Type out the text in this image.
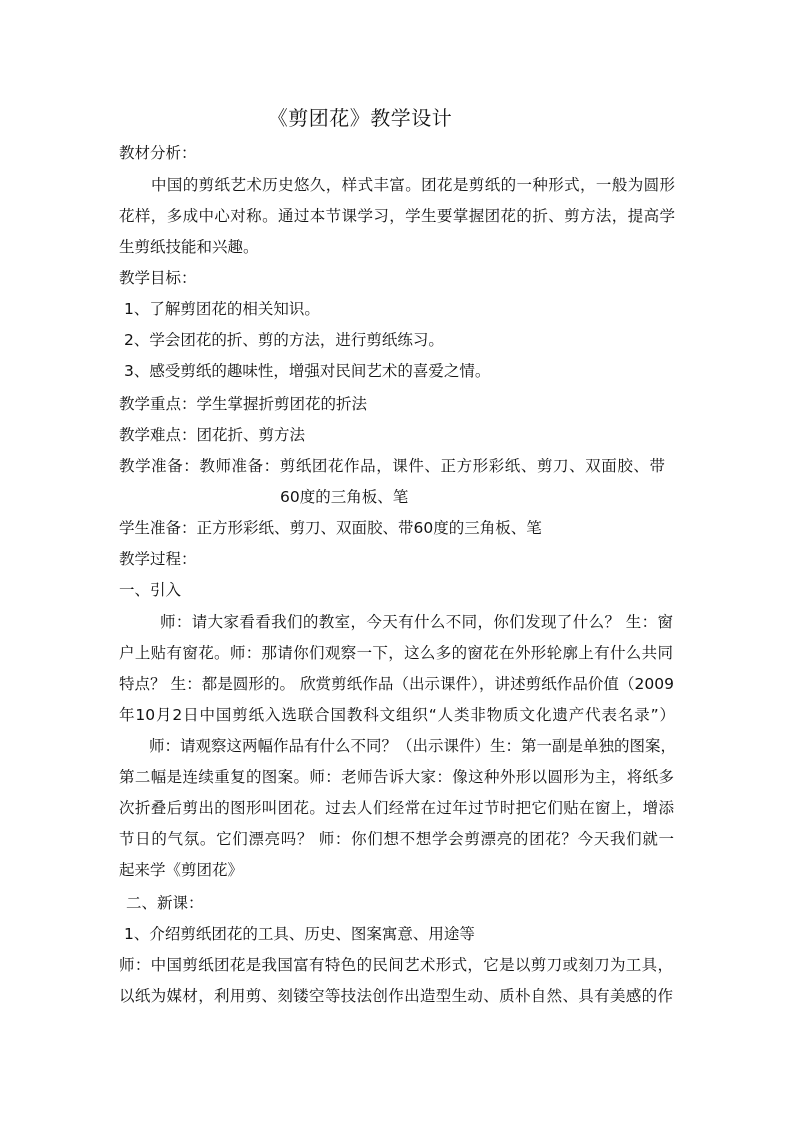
《剪团花》教学设计
教材分析：
中国的剪纸艺术历史悠久，样式丰富。团花是剪纸的一种形式，一般为圆形
花样，多成中心对称。通过本节课学习，学生要掌握团花的折、剪方法，提高学
生剪纸技能和兴趣。
教学目标：
1、了解剪团花的相关知识。
2、学会团花的折、剪的方法，进行剪纸练习。
3、感受剪纸的趣味性，增强对民间艺术的喜爱之情。
教学重点：学生掌握折剪团花的折法
教学难点：团花折、剪方法
教学准备：教师准备：剪纸团花作品，课件、正方形彩纸、剪刀、双面胶、带
60度的三角板、笔
学生准备：正方形彩纸、剪刀、双面胶、带60度的三角板、笔
教学过程：
一、引入
师：请大家看看我们的教室，今天有什么不同，你们发现了什么？ 生：窗
户上贴有窗花。师：那请你们观察一下，这么多的窗花在外形轮廓上有什么共同
特点？ 生：都是圆形的。 欣赏剪纸作品（出示课件），讲述剪纸作品价值（2009
年10月2日中国剪纸入选联合国教科文组织“人类非物质文化遗产代表名录”）
师：请观察这两幅作品有什么不同？（出示课件）生：第一副是单独的图案，
第二幅是连续重复的图案。师：老师告诉大家：像这种外形以圆形为主，将纸多
次折叠后剪出的图形叫团花。过去人们经常在过年过节时把它们贴在窗上，增添
节日的气氛。它们漂亮吗？ 师：你们想不想学会剪漂亮的团花？今天我们就一
起来学《剪团花》
二、新课：
1、介绍剪纸团花的工具、历史、图案寓意、用途等
师：中国剪纸团花是我国富有特色的民间艺术形式，它是以剪刀或刻刀为工具，
以纸为媒材，利用剪、刻镂空等技法创作出造型生动、质朴自然、具有美感的作
